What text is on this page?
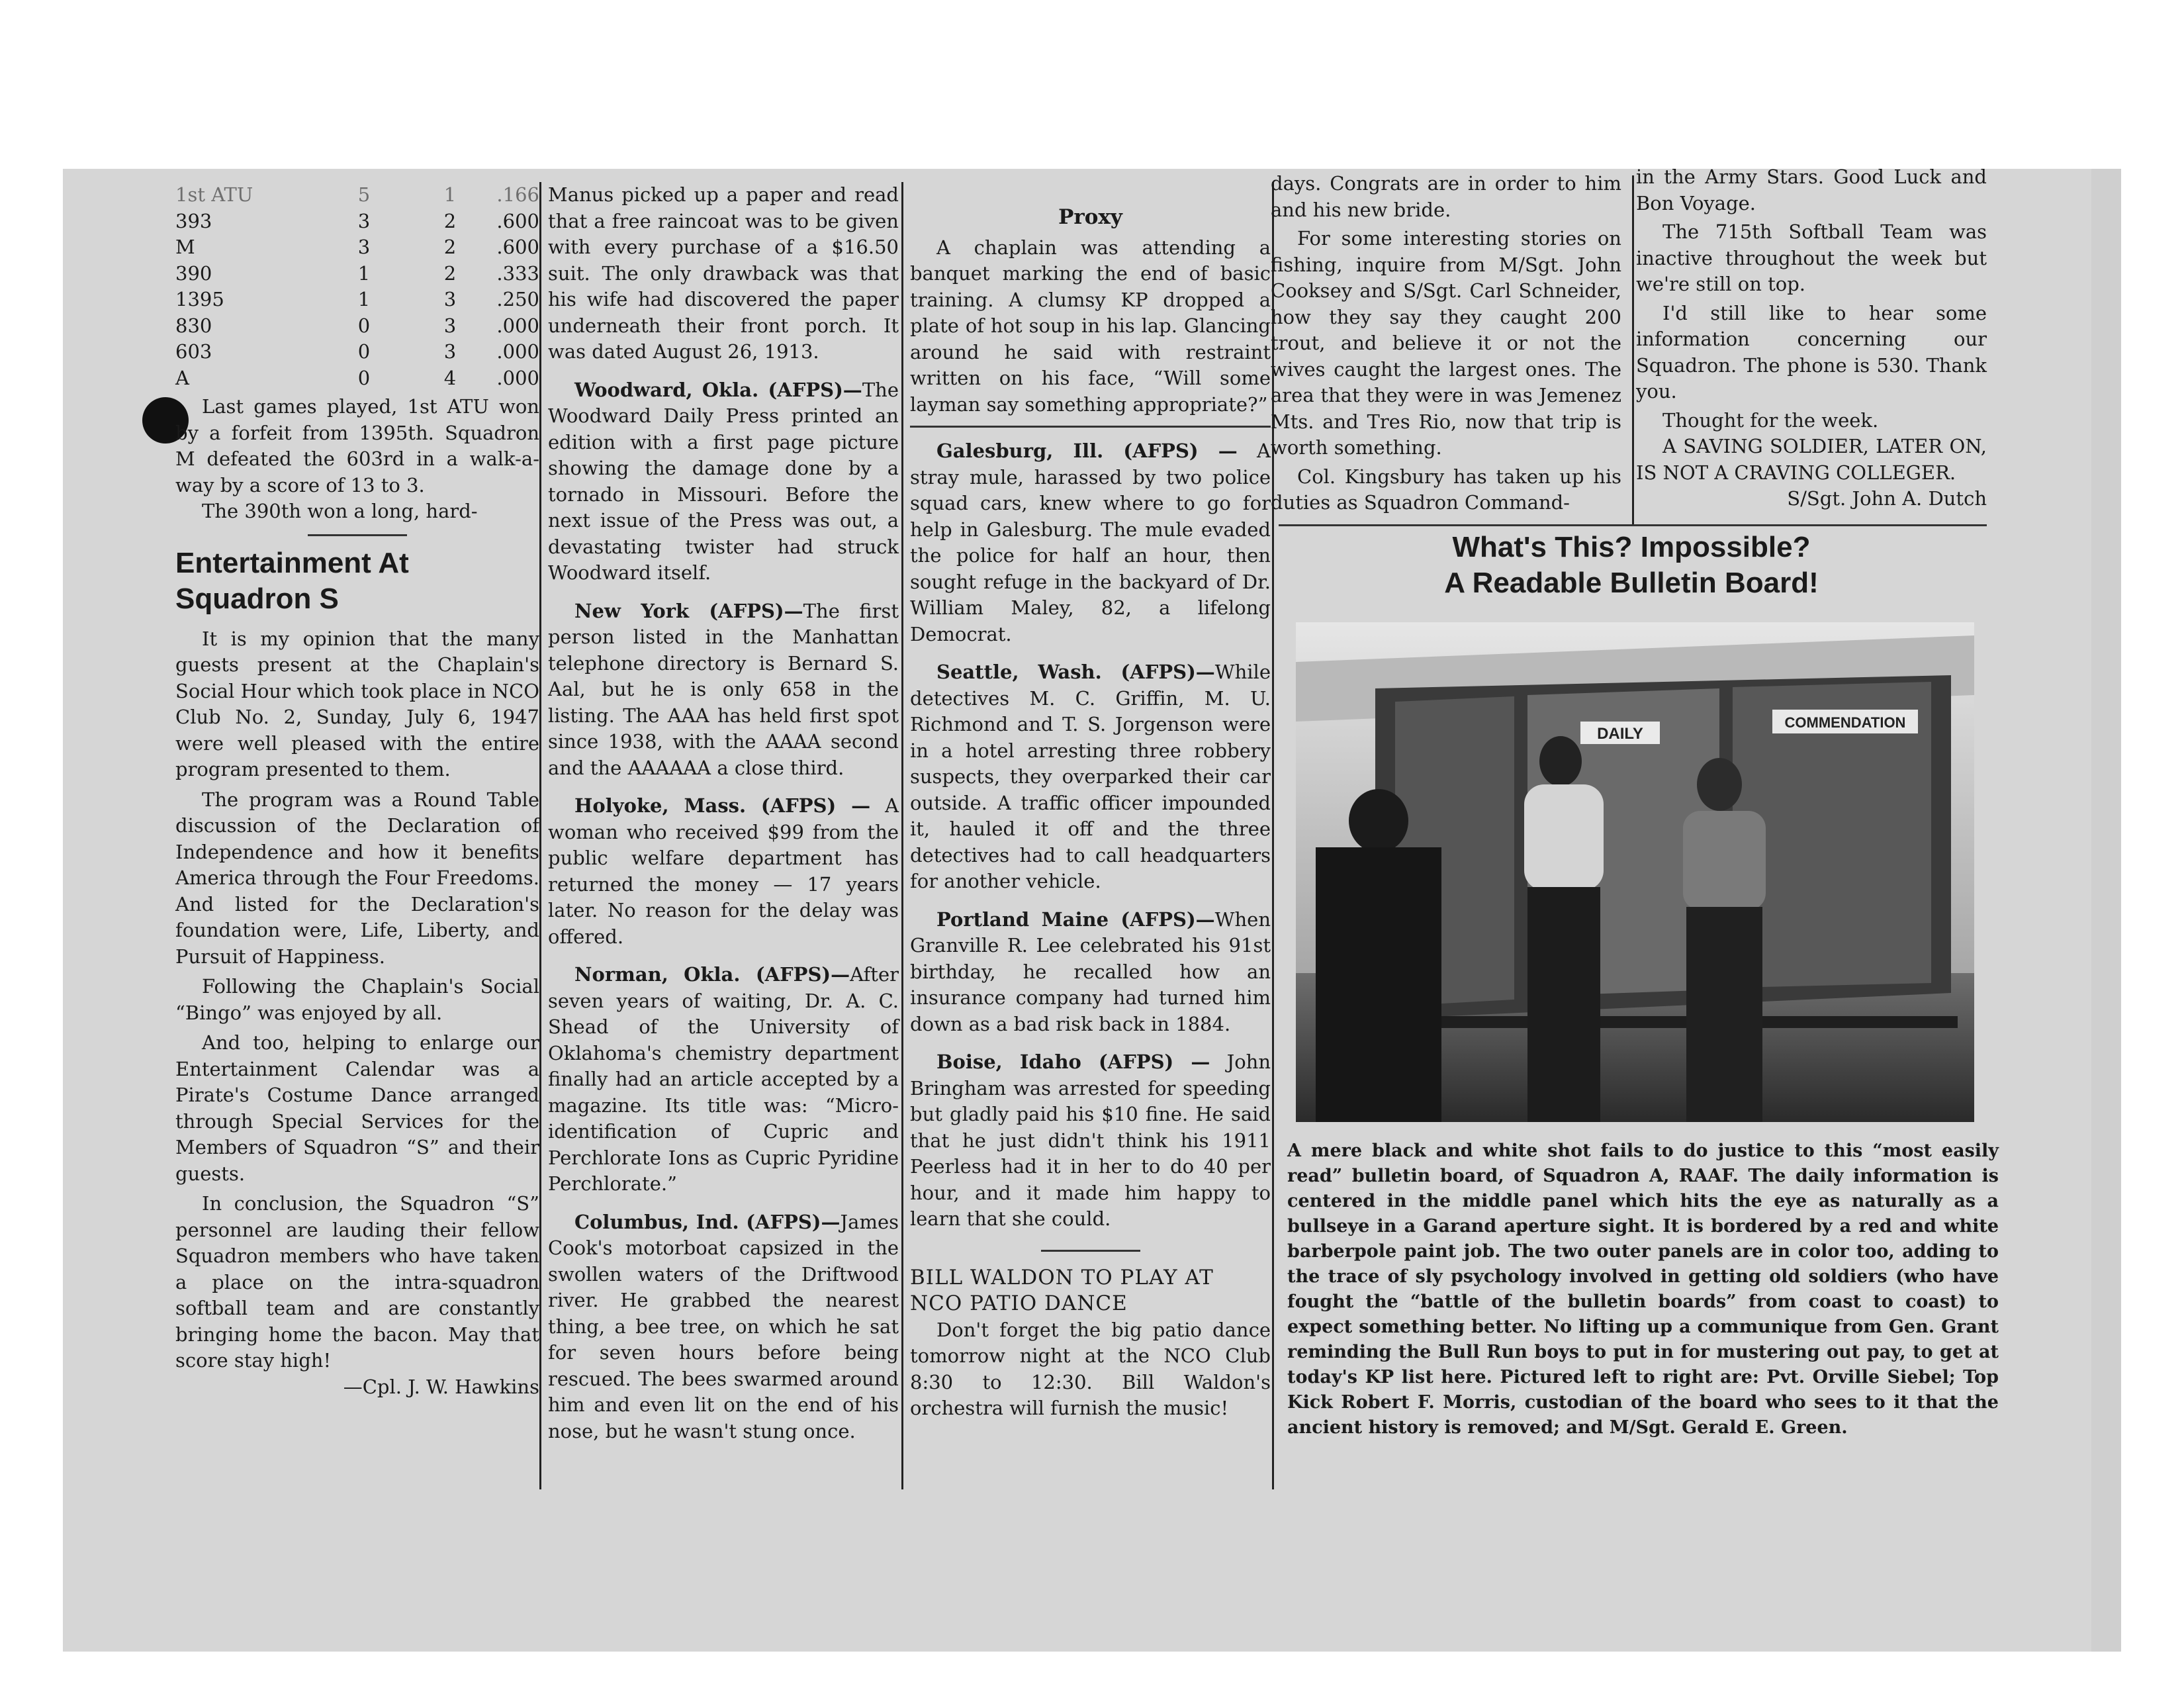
1st ATU	5	1	.166
393	3	2	.600
M	3	2	.600
390	1	2	.333
1395	1	3	.250
830	0	3	.000
603	0	3	.000
A	0	4	.000

Last games played, 1st ATU won by a forfeit from 1395th. Squadron M defeated the 603rd in a walk-a-way by a score of 13 to 3.

The 390th won a long, hard-

Entertainment At Squadron S

It is my opinion that the many guests present at the Chaplain's Social Hour which took place in NCO Club No. 2, Sunday, July 6, 1947 were well pleased with the entire program presented to them.

The program was a Round Table discussion of the Declaration of Independence and how it benefits America through the Four Freedoms. And listed for the Declaration's foundation were, Life, Liberty, and Pursuit of Happiness.

Following the Chaplain's Social “Bingo” was enjoyed by all.

And too, helping to enlarge our Entertainment Calendar was a Pirate's Costume Dance arranged through Special Services for the Members of Squadron “S” and their guests.

In conclusion, the Squadron “S” personnel are lauding their fellow Squadron members who have taken a place on the intra-squadron softball team and are constantly bringing home the bacon. May that score stay high!

—Cpl. J. W. Hawkins

Manus picked up a paper and read that a free raincoat was to be given with every purchase of a $16.50 suit. The only drawback was that his wife had discovered the paper underneath their front porch. It was dated August 26, 1913.

Woodward, Okla. (AFPS)—The Woodward Daily Press printed an edition with a first page picture showing the damage done by a tornado in Missouri. Before the next issue of the Press was out, a devastating twister had struck Woodward itself.

New York (AFPS)—The first person listed in the Manhattan telephone directory is Bernard S. Aal, but he is only 658 in the listing. The AAA has held first spot since 1938, with the AAAA second and the AAAAAA a close third.

Holyoke, Mass. (AFPS) — A woman who received $99 from the public welfare department has returned the money — 17 years later. No reason for the delay was offered.

Norman, Okla. (AFPS)—After seven years of waiting, Dr. A. C. Shead of the University of Oklahoma's chemistry department finally had an article accepted by a magazine. Its title was: “Micro-identification of Cupric and Perchlorate Ions as Cupric Pyridine Perchlorate.”

Columbus, Ind. (AFPS)—James Cook's motorboat capsized in the swollen waters of the Driftwood river. He grabbed the nearest thing, a bee tree, on which he sat for seven hours before being rescued. The bees swarmed around him and even lit on the end of his nose, but he wasn't stung once.

Proxy

A chaplain was attending a banquet marking the end of basic training. A clumsy KP dropped a plate of hot soup in his lap. Glancing around he said with restraint written on his face, “Will some layman say something appropriate?”

Galesburg, Ill. (AFPS) — A stray mule, harassed by two police squad cars, knew where to go for help in Galesburg. The mule evaded the police for half an hour, then sought refuge in the backyard of Dr. William Maley, 82, a lifelong Democrat.

Seattle, Wash. (AFPS)—While detectives M. C. Griffin, M. U. Richmond and T. S. Jorgenson were in a hotel arresting three robbery suspects, they overparked their car outside. A traffic officer impounded it, hauled it off and the three detectives had to call headquarters for another vehicle.

Portland Maine (AFPS)—When Granville R. Lee celebrated his 91st birthday, he recalled how an insurance company had turned him down as a bad risk back in 1884.

Boise, Idaho (AFPS) — John Bringham was arrested for speeding but gladly paid his $10 fine. He said that he just didn't think his 1911 Peerless had it in her to do 40 per hour, and it made him happy to learn that she could.

BILL WALDON TO PLAY AT NCO PATIO DANCE

Don't forget the big patio dance tomorrow night at the NCO Club 8:30 to 12:30. Bill Waldon's orchestra will furnish the music!

days. Congrats are in order to him and his new bride.

For some interesting stories on fishing, inquire from M/Sgt. John Cooksey and S/Sgt. Carl Schneider, how they say they caught 200 trout, and believe it or not the wives caught the largest ones. The area that they were in was Jemenez Mts. and Tres Rio, now that trip is worth something.

Col. Kingsbury has taken up his duties as Squadron Command-

in the Army Stars. Good Luck and Bon Voyage.

The 715th Softball Team was inactive throughout the week but we're still on top.

I'd still like to hear some information concerning our Squadron. The phone is 530. Thank you.

Thought for the week.

A SAVING SOLDIER, LATER ON, IS NOT A CRAVING COLLEGER.

S/Sgt. John A. Dutch

What's This? Impossible?
A Readable Bulletin Board!
DAILY
COMMENDATION
A mere black and white shot fails to do justice to this “most easily read” bulletin board, of Squadron A, RAAF. The daily information is centered in the middle panel which hits the eye as naturally as a bullseye in a Garand aperture sight. It is bordered by a red and white barberpole paint job. The two outer panels are in color too, adding to the trace of sly psychology involved in getting old soldiers (who have fought the “battle of the bulletin boards” from coast to coast) to expect something better. No lifting up a communique from Gen. Grant reminding the Bull Run boys to put in for mustering out pay, to get at today's KP list here. Pictured left to right are: Pvt. Orville Siebel; Top Kick Robert F. Morris, custodian of the board who sees to it that the ancient history is removed; and M/Sgt. Gerald E. Green.
